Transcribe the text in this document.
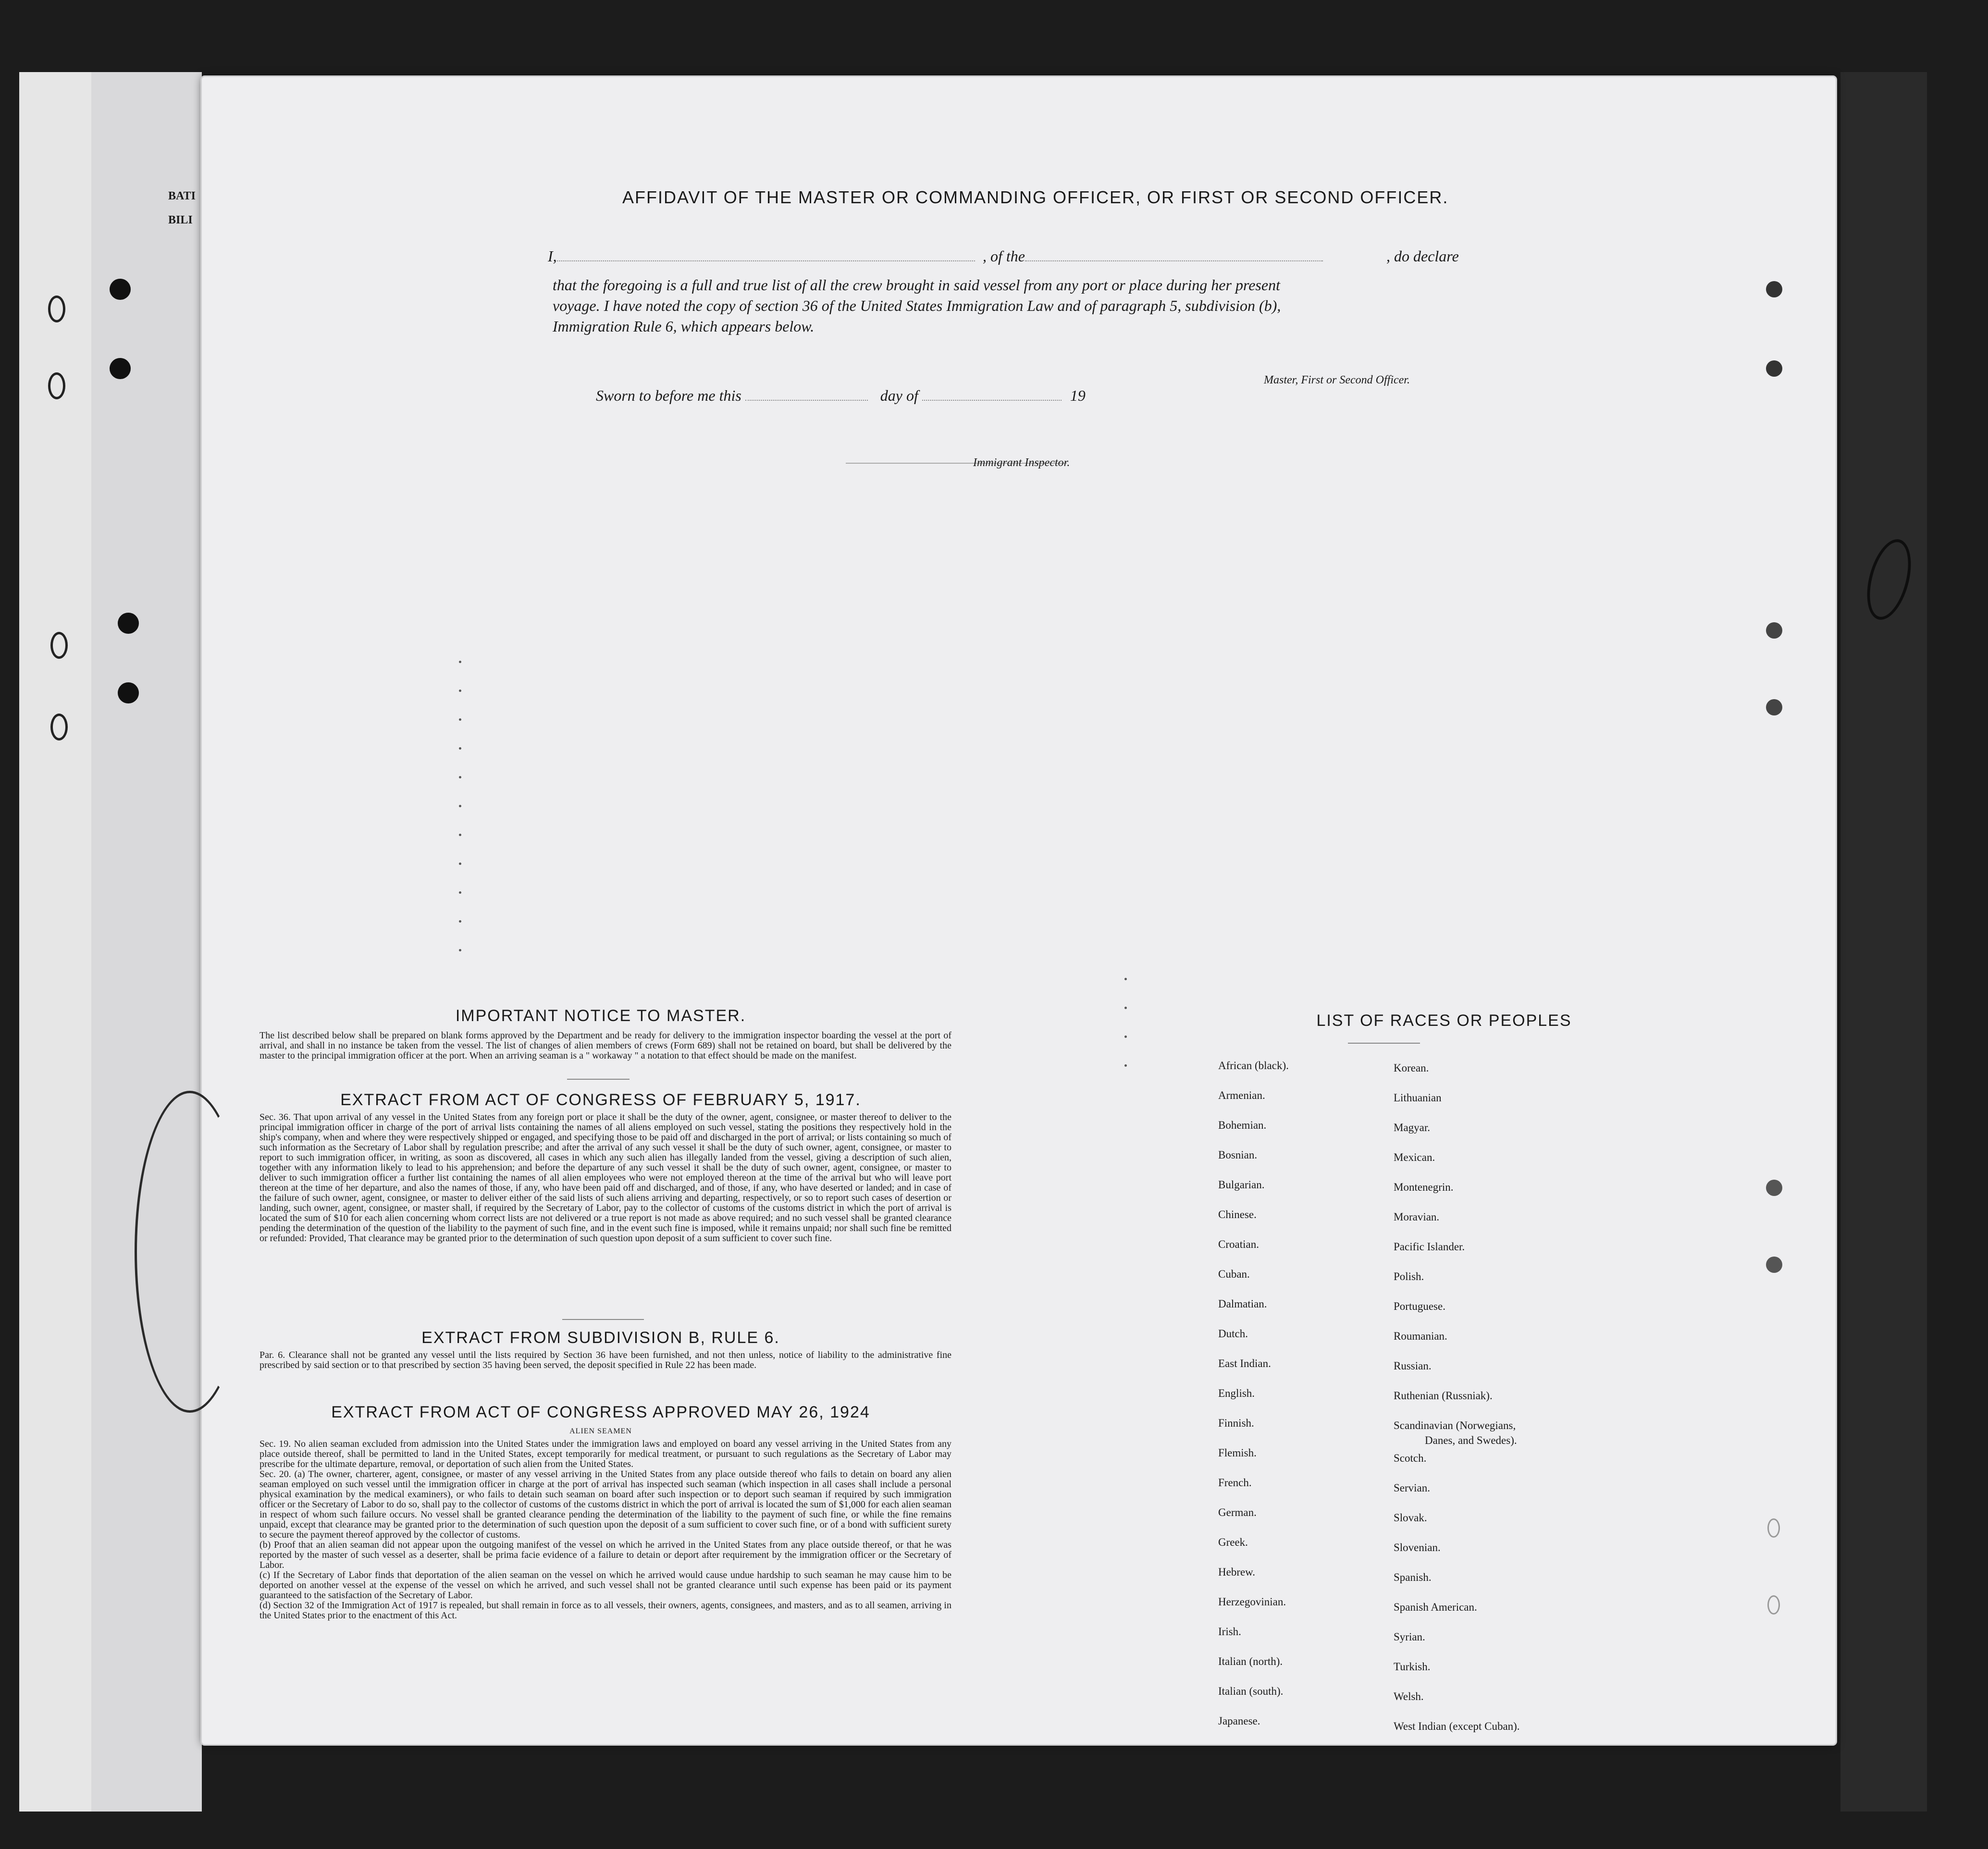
BATI
BILI
AFFIDAVIT OF THE MASTER OR COMMANDING OFFICER, OR FIRST OR SECOND OFFICER.
I,	, of the	, do declare
that the foregoing is a full and true list of all the crew brought in said vessel from any port or place during her present
voyage. I have noted the copy of section 36 of the United States Immigration Law and of paragraph 5, subdivision (b),
Immigration Rule 6, which appears below.
Master, First or Second Officer.
Sworn to before me this	day of	19
Immigrant Inspector.
IMPORTANT NOTICE TO MASTER.
The list described below shall be prepared on blank forms approved by the Department and be ready for delivery to the immigration inspector boarding the vessel at the port of arrival, and shall in no instance be taken from the vessel. The list of changes of alien members of crews (Form 689) shall not be retained on board, but shall be delivered by the master to the principal immigration officer at the port. When an arriving seaman is a " workaway " a notation to that effect should be made on the manifest.
EXTRACT FROM ACT OF CONGRESS OF FEBRUARY 5, 1917.
Sec. 36. That upon arrival of any vessel in the United States from any foreign port or place it shall be the duty of the owner, agent, consignee, or master thereof to deliver to the principal immigration officer in charge of the port of arrival lists containing the names of all aliens employed on such vessel, stating the positions they respectively hold in the ship's company, when and where they were respectively shipped or engaged, and specifying those to be paid off and discharged in the port of arrival; or lists containing so much of such information as the Secretary of Labor shall by regulation prescribe; and after the arrival of any such vessel it shall be the duty of such owner, agent, consignee, or master to report to such immigration officer, in writing, as soon as discovered, all cases in which any such alien has illegally landed from the vessel, giving a description of such alien, together with any information likely to lead to his apprehension; and before the departure of any such vessel it shall be the duty of such owner, agent, consignee, or master to deliver to such immigration officer a further list containing the names of all alien employees who were not employed thereon at the time of the arrival but who will leave port thereon at the time of her departure, and also the names of those, if any, who have been paid off and discharged, and of those, if any, who have deserted or landed; and in case of the failure of such owner, agent, consignee, or master to deliver either of the said lists of such aliens arriving and departing, respectively, or so to report such cases of desertion or landing, such owner, agent, consignee, or master shall, if required by the Secretary of Labor, pay to the collector of customs of the customs district in which the port of arrival is located the sum of $10 for each alien concerning whom correct lists are not delivered or a true report is not made as above required; and no such vessel shall be granted clearance pending the determination of the question of the liability to the payment of such fine, and in the event such fine is imposed, while it remains unpaid; nor shall such fine be remitted or refunded: Provided, That clearance may be granted prior to the determination of such question upon deposit of a sum sufficient to cover such fine.
EXTRACT FROM SUBDIVISION B, RULE 6.
Par. 6. Clearance shall not be granted any vessel until the lists required by Section 36 have been furnished, and not then unless, notice of liability to the administrative fine prescribed by said section or to that prescribed by section 35 having been served, the deposit specified in Rule 22 has been made.
EXTRACT FROM ACT OF CONGRESS APPROVED MAY 26, 1924
ALIEN SEAMEN
Sec. 19. No alien seaman excluded from admission into the United States under the immigration laws and employed on board any vessel arriving in the United States from any place outside thereof, shall be permitted to land in the United States, except temporarily for medical treatment, or pursuant to such regulations as the Secretary of Labor may prescribe for the ultimate departure, removal, or deportation of such alien from the United States.
Sec. 20. (a) The owner, charterer, agent, consignee, or master of any vessel arriving in the United States from any place outside thereof who fails to detain on board any alien seaman employed on such vessel until the immigration officer in charge at the port of arrival has inspected such seaman (which inspection in all cases shall include a personal physical examination by the medical examiners), or who fails to detain such seaman on board after such inspection or to deport such seaman if required by such immigration officer or the Secretary of Labor to do so, shall pay to the collector of customs of the customs district in which the port of arrival is located the sum of $1,000 for each alien seaman in respect of whom such failure occurs. No vessel shall be granted clearance pending the determination of the liability to the payment of such fine, or while the fine remains unpaid, except that clearance may be granted prior to the determination of such question upon the deposit of a sum sufficient to cover such fine, or of a bond with sufficient surety to secure the payment thereof approved by the collector of customs.
(b) Proof that an alien seaman did not appear upon the outgoing manifest of the vessel on which he arrived in the United States from any place outside thereof, or that he was reported by the master of such vessel as a deserter, shall be prima facie evidence of a failure to detain or deport after requirement by the immigration officer or the Secretary of Labor.
(c) If the Secretary of Labor finds that deportation of the alien seaman on the vessel on which he arrived would cause undue hardship to such seaman he may cause him to be deported on another vessel at the expense of the vessel on which he arrived, and such vessel shall not be granted clearance until such expense has been paid or its payment guaranteed to the satisfaction of the Secretary of Labor.
(d) Section 32 of the Immigration Act of 1917 is repealed, but shall remain in force as to all vessels, their owners, agents, consignees, and masters, and as to all seamen, arriving in the United States prior to the enactment of this Act.
LIST OF RACES OR PEOPLES
African (black).
Armenian.
Bohemian.
Bosnian.
Bulgarian.
Chinese.
Croatian.
Cuban.
Dalmatian.
Dutch.
East Indian.
English.
Finnish.
Flemish.
French.
German.
Greek.
Hebrew.
Herzegovinian.
Irish.
Italian (north).
Italian (south).
Japanese.
Korean.
Lithuanian
Magyar.
Mexican.
Montenegrin.
Moravian.
Pacific Islander.
Polish.
Portuguese.
Roumanian.
Russian.
Ruthenian (Russniak).
Scandinavian (Norwegians,
Danes, and Swedes).
Scotch.
Servian.
Slovak.
Slovenian.
Spanish.
Spanish American.
Syrian.
Turkish.
Welsh.
West Indian (except Cuban).
